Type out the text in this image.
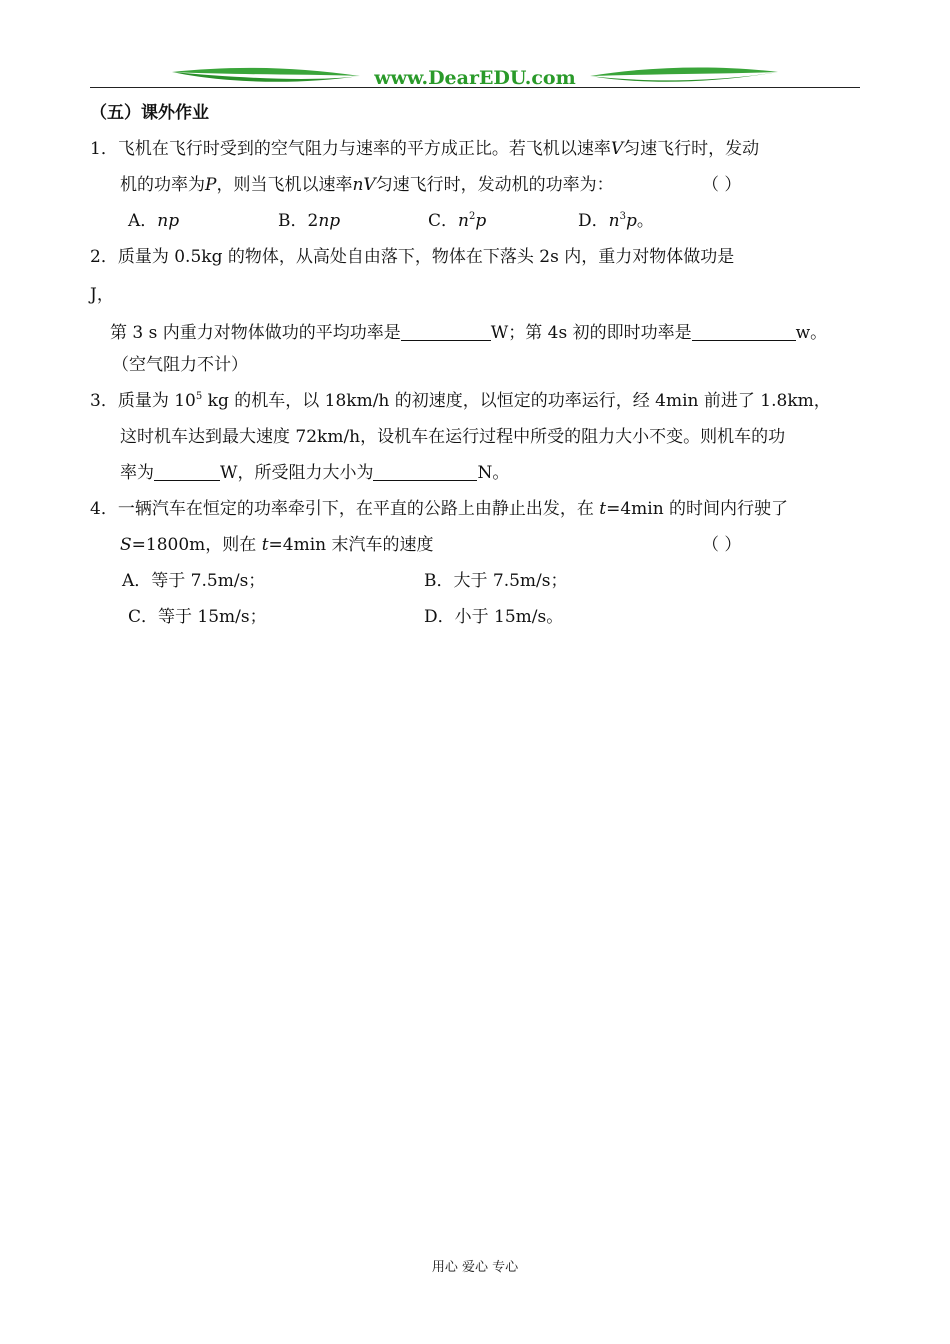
www.DearEDU.com
（五）课外作业
1．飞机在飞行时受到的空气阻力与速率的平方成正比。若飞机以速率V匀速飞行时，发动
机的功率为P，则当飞机以速率nV匀速飞行时，发动机的功率为：	（ ）
A．np	B．2np	C．$n^2p$	D．$n^3p$。
2．质量为 0.5kg 的物体，从高处自由落下，物体在下落头 2s 内，重力对物体做功是
J，
第 3 s 内重力对物体做功的平均功率是	W；第 4s 初的即时功率是	w。
（空气阻力不计）
3．质量为 $10^5$ kg 的机车，以 18km/h 的初速度，以恒定的功率运行，经 4min 前进了 1.8km，
这时机车达到最大速度 72km/h，设机车在运行过程中所受的阻力大小不变。则机车的功
率为	W，所受阻力大小为	N。
4．一辆汽车在恒定的功率牵引下，在平直的公路上由静止出发，在 t=4min 的时间内行驶了
S=1800m，则在 t=4min 末汽车的速度	（ ）
A．等于 7.5m/s；	B．大于 7.5m/s；
C．等于 15m/s；	D．小于 15m/s。
用心 爱心 专心
